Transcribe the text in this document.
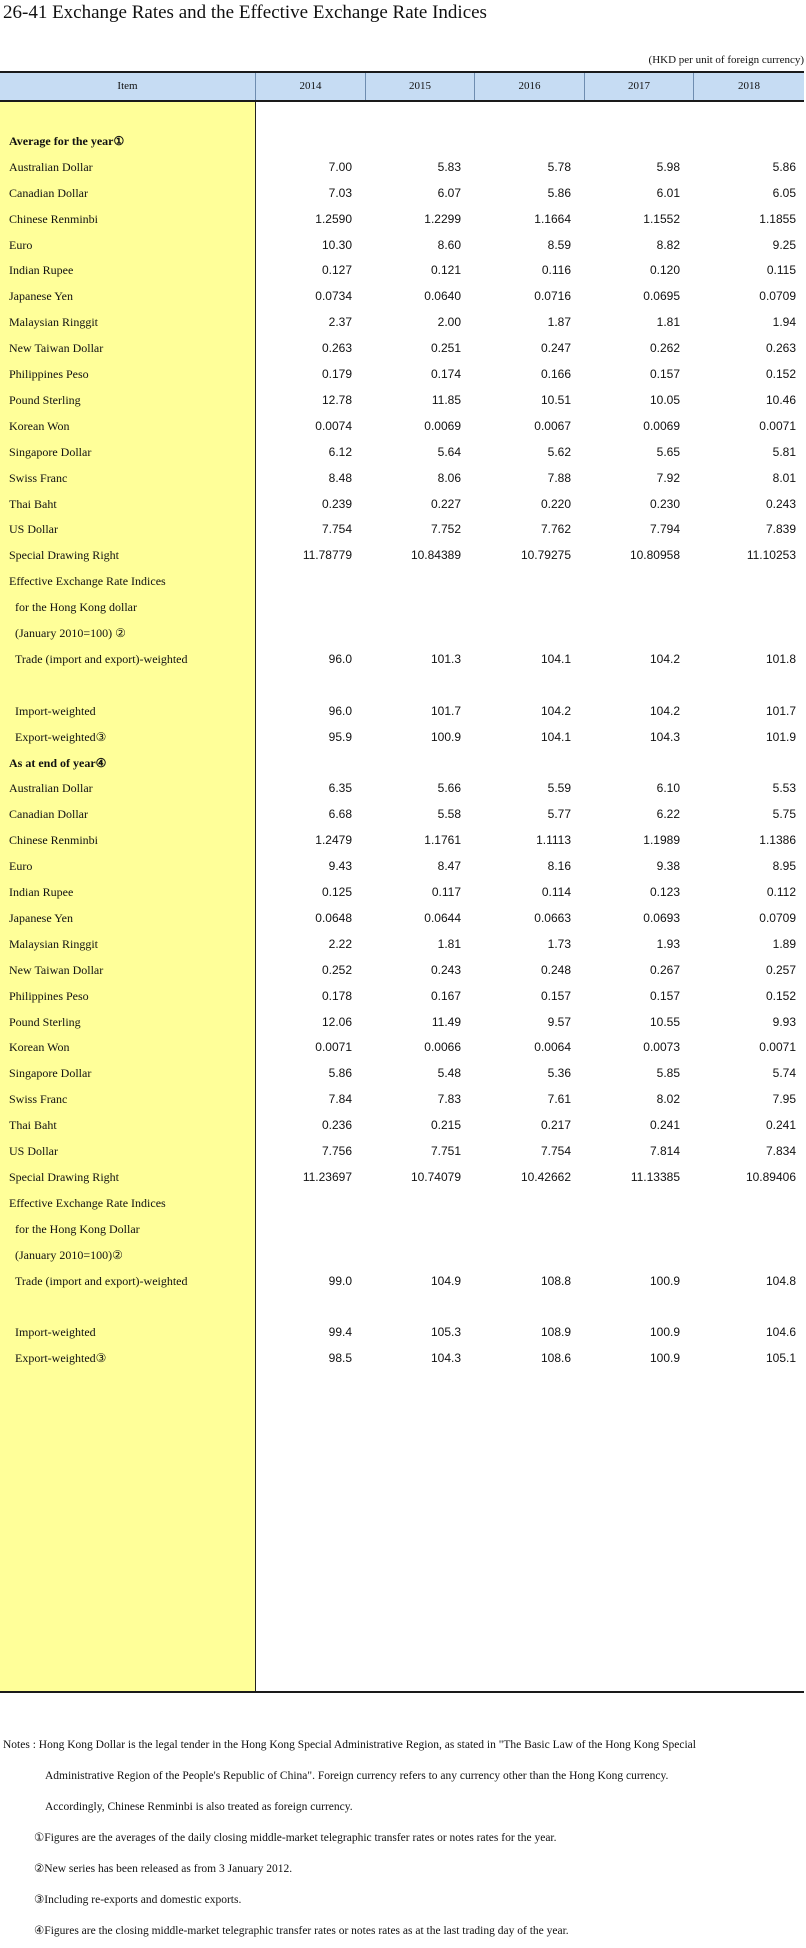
26-41 Exchange Rates and the Effective Exchange Rate Indices
(HKD per unit of foreign currency)
Item	2014	2015	2016	2017	2018
Average for the year①
Australian Dollar	7.00	5.83	5.78	5.98	5.86
Canadian Dollar	7.03	6.07	5.86	6.01	6.05
Chinese Renminbi	1.2590	1.2299	1.1664	1.1552	1.1855
Euro	10.30	8.60	8.59	8.82	9.25
Indian Rupee	0.127	0.121	0.116	0.120	0.115
Japanese Yen	0.0734	0.0640	0.0716	0.0695	0.0709
Malaysian Ringgit	2.37	2.00	1.87	1.81	1.94
New Taiwan Dollar	0.263	0.251	0.247	0.262	0.263
Philippines Peso	0.179	0.174	0.166	0.157	0.152
Pound Sterling	12.78	11.85	10.51	10.05	10.46
Korean Won	0.0074	0.0069	0.0067	0.0069	0.0071
Singapore Dollar	6.12	5.64	5.62	5.65	5.81
Swiss Franc	8.48	8.06	7.88	7.92	8.01
Thai Baht	0.239	0.227	0.220	0.230	0.243
US Dollar	7.754	7.752	7.762	7.794	7.839
Special Drawing Right	11.78779	10.84389	10.79275	10.80958	11.10253
Effective Exchange Rate Indices
for the Hong Kong dollar
(January 2010=100) ②
Trade (import and export)-weighted	96.0	101.3	104.1	104.2	101.8
Import-weighted	96.0	101.7	104.2	104.2	101.7
Export-weighted③	95.9	100.9	104.1	104.3	101.9
As at end of year④
Australian Dollar	6.35	5.66	5.59	6.10	5.53
Canadian Dollar	6.68	5.58	5.77	6.22	5.75
Chinese Renminbi	1.2479	1.1761	1.1113	1.1989	1.1386
Euro	9.43	8.47	8.16	9.38	8.95
Indian Rupee	0.125	0.117	0.114	0.123	0.112
Japanese Yen	0.0648	0.0644	0.0663	0.0693	0.0709
Malaysian Ringgit	2.22	1.81	1.73	1.93	1.89
New Taiwan Dollar	0.252	0.243	0.248	0.267	0.257
Philippines Peso	0.178	0.167	0.157	0.157	0.152
Pound Sterling	12.06	11.49	9.57	10.55	9.93
Korean Won	0.0071	0.0066	0.0064	0.0073	0.0071
Singapore Dollar	5.86	5.48	5.36	5.85	5.74
Swiss Franc	7.84	7.83	7.61	8.02	7.95
Thai Baht	0.236	0.215	0.217	0.241	0.241
US Dollar	7.756	7.751	7.754	7.814	7.834
Special Drawing Right	11.23697	10.74079	10.42662	11.13385	10.89406
Effective Exchange Rate Indices
for the Hong Kong Dollar
(January 2010=100)②
Trade (import and export)-weighted	99.0	104.9	108.8	100.9	104.8
Import-weighted	99.4	105.3	108.9	100.9	104.6
Export-weighted③	98.5	104.3	108.6	100.9	105.1
Notes : Hong Kong Dollar is the legal tender in the Hong Kong Special Administrative Region, as stated in "The Basic Law of the Hong Kong Special
Administrative Region of the People's Republic of China". Foreign currency refers to any currency other than the Hong Kong currency.
Accordingly, Chinese Renminbi is also treated as foreign currency.
①Figures are the averages of the daily closing middle-market telegraphic transfer rates or notes rates for the year.
②New series has been released as from 3 January 2012.
③Including re-exports and domestic exports.
④Figures are the closing middle-market telegraphic transfer rates or notes rates as at the last trading day of the year.
